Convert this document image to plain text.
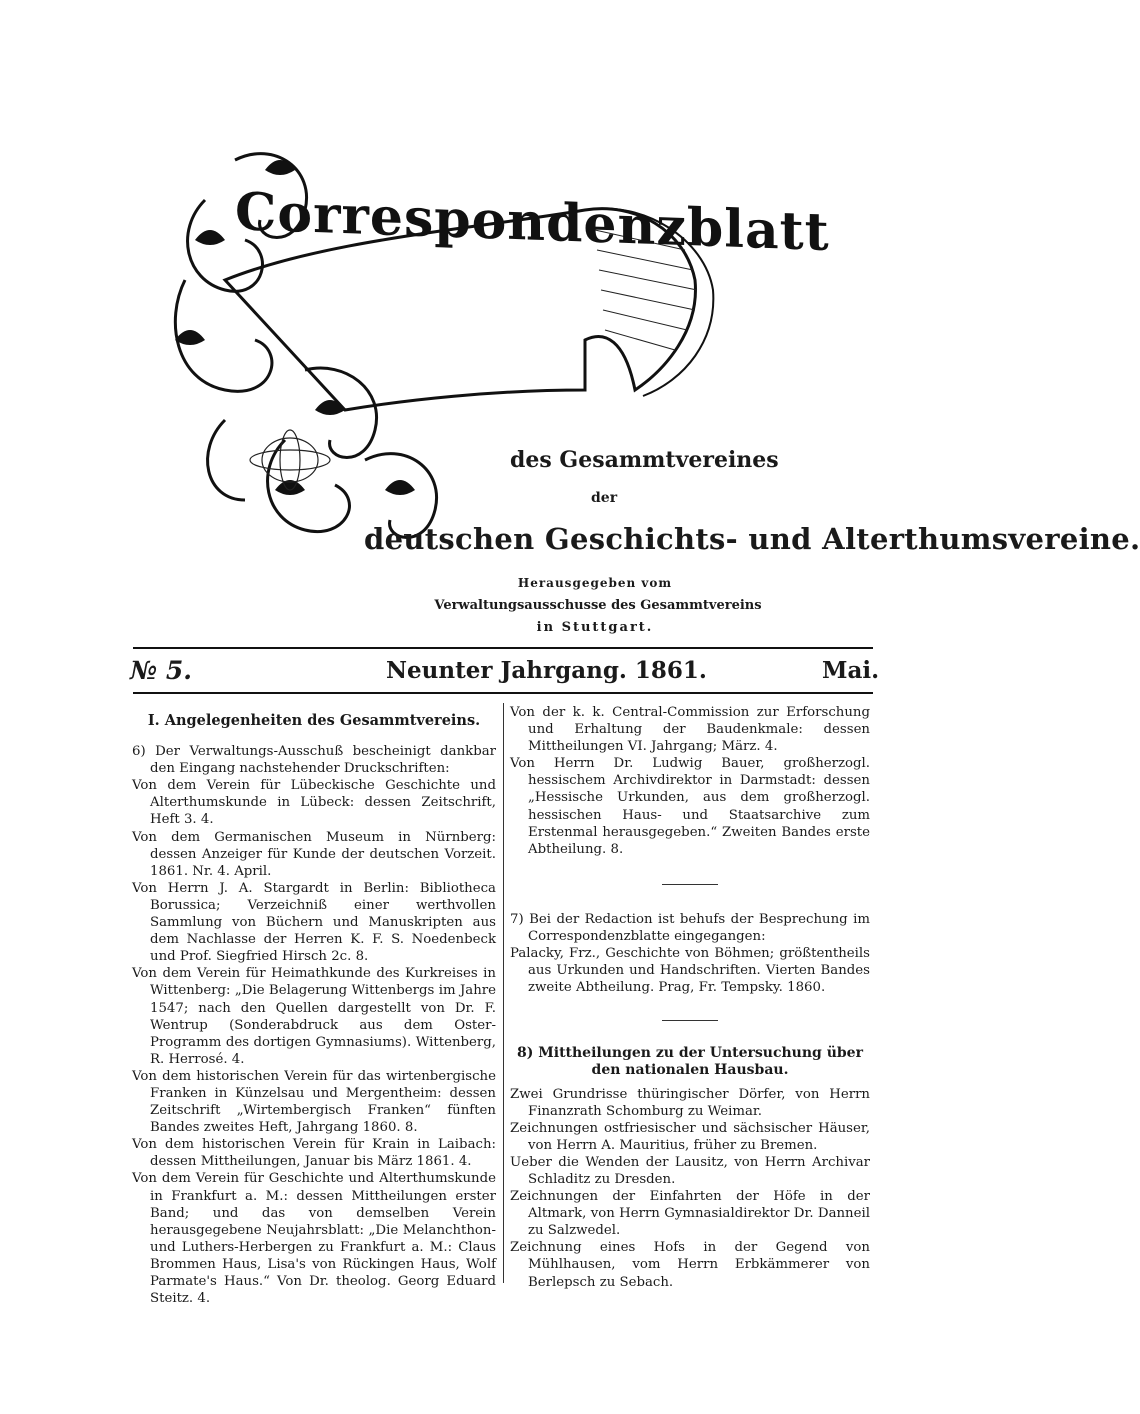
Correspondenzblatt
des Gesammtvereines
der
deutschen Geschichts- und Alterthumsvereine.
Herausgegeben vom
Verwaltungsausschusse des Gesammtvereins
in Stuttgart.
№ 5.	Neunter Jahrgang. 1861.	Mai.

I. Angelegenheiten des Gesammtvereins.

6) Der Verwaltungs-Ausschuß bescheinigt dankbar den Eingang nachstehender Druckschriften:

Von dem Verein für Lübeckische Geschichte und Alterthumskunde in Lübeck: dessen Zeitschrift, Heft 3. 4.

Von dem Germanischen Museum in Nürnberg: dessen Anzeiger für Kunde der deutschen Vorzeit. 1861. Nr. 4. April.

Von Herrn J. A. Stargardt in Berlin: Bibliotheca Borussica; Verzeichniß einer werthvollen Sammlung von Büchern und Manuskripten aus dem Nachlasse der Herren K. F. S. Noedenbeck und Prof. Siegfried Hirsch 2c. 8.

Von dem Verein für Heimathkunde des Kurkreises in Wittenberg: „Die Belagerung Wittenbergs im Jahre 1547; nach den Quellen dargestellt von Dr. F. Wentrup (Sonderabdruck aus dem Oster-Programm des dortigen Gymnasiums). Wittenberg, R. Herrosé. 4.

Von dem historischen Verein für das wirtenbergische Franken in Künzelsau und Mergentheim: dessen Zeitschrift „Wirtembergisch Franken“ fünften Bandes zweites Heft, Jahrgang 1860. 8.

Von dem historischen Verein für Krain in Laibach: dessen Mittheilungen, Januar bis März 1861. 4.

Von dem Verein für Geschichte und Alterthumskunde in Frankfurt a. M.: dessen Mittheilungen erster Band; und das von demselben Verein herausgegebene Neujahrsblatt: „Die Melanchthon- und Luthers-Herbergen zu Frankfurt a. M.: Claus Brommen Haus, Lisa's von Rückingen Haus, Wolf Parmate's Haus.“ Von Dr. theolog. Georg Eduard Steitz. 4.

Von der k. k. Central-Commission zur Erforschung und Erhaltung der Baudenkmale: dessen Mittheilungen VI. Jahrgang; März. 4.

Von Herrn Dr. Ludwig Bauer, großherzogl. hessischem Archivdirektor in Darmstadt: dessen „Hessische Urkunden, aus dem großherzogl. hessischen Haus- und Staatsarchive zum Erstenmal herausgegeben.“ Zweiten Bandes erste Abtheilung. 8.

7) Bei der Redaction ist behufs der Besprechung im Correspondenzblatte eingegangen:

Palacky, Frz., Geschichte von Böhmen; größtentheils aus Urkunden und Handschriften. Vierten Bandes zweite Abtheilung. Prag, Fr. Tempsky. 1860.

8) Mittheilungen zu der Untersuchung über den nationalen Hausbau.

Zwei Grundrisse thüringischer Dörfer, von Herrn Finanzrath Schomburg zu Weimar.

Zeichnungen ostfriesischer und sächsischer Häuser, von Herrn A. Mauritius, früher zu Bremen.

Ueber die Wenden der Lausitz, von Herrn Archivar Schladitz zu Dresden.

Zeichnungen der Einfahrten der Höfe in der Altmark, von Herrn Gymnasialdirektor Dr. Danneil zu Salzwedel.

Zeichnung eines Hofs in der Gegend von Mühlhausen, vom Herrn Erbkämmerer von Berlepsch zu Sebach.
